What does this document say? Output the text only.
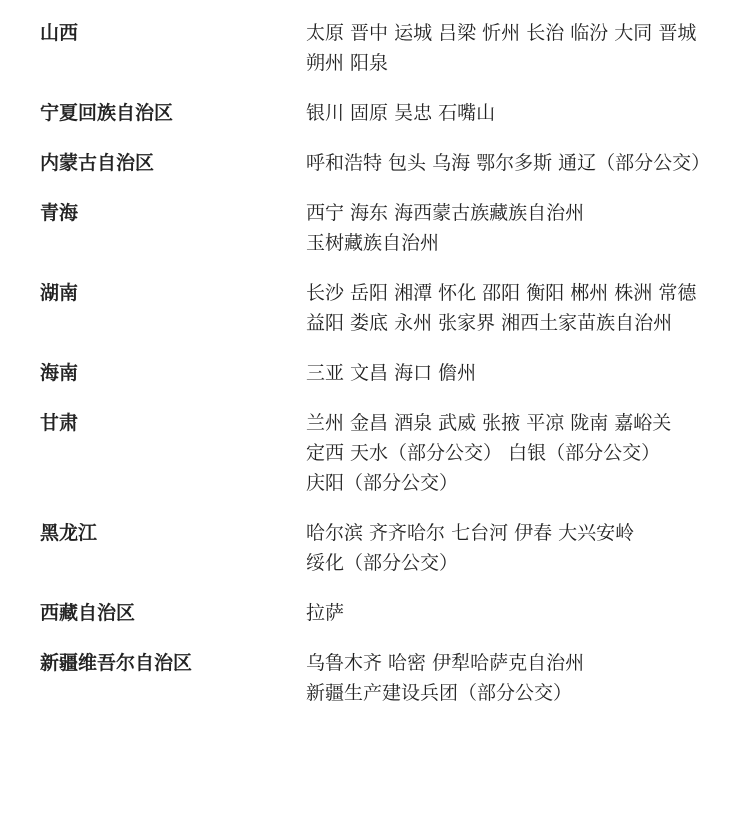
山西	太原 晋中 运城 吕梁 忻州 长治 临汾 大同 晋城
朔州 阳泉
宁夏回族自治区	银川 固原 吴忠 石嘴山
内蒙古自治区	呼和浩特 包头 乌海 鄂尔多斯 通辽（部分公交）
青海	西宁 海东 海西蒙古族藏族自治州
玉树藏族自治州
湖南	长沙 岳阳 湘潭 怀化 邵阳 衡阳 郴州 株洲 常德
益阳 娄底 永州 张家界 湘西土家苗族自治州
海南	三亚 文昌 海口 儋州
甘肃	兰州 金昌 酒泉 武威 张掖 平凉 陇南 嘉峪关
定西 天水（部分公交） 白银（部分公交）
庆阳（部分公交）
黑龙江	哈尔滨 齐齐哈尔 七台河 伊春 大兴安岭
绥化（部分公交）
西藏自治区	拉萨
新疆维吾尔自治区	乌鲁木齐 哈密 伊犁哈萨克自治州
新疆生产建设兵团（部分公交）
